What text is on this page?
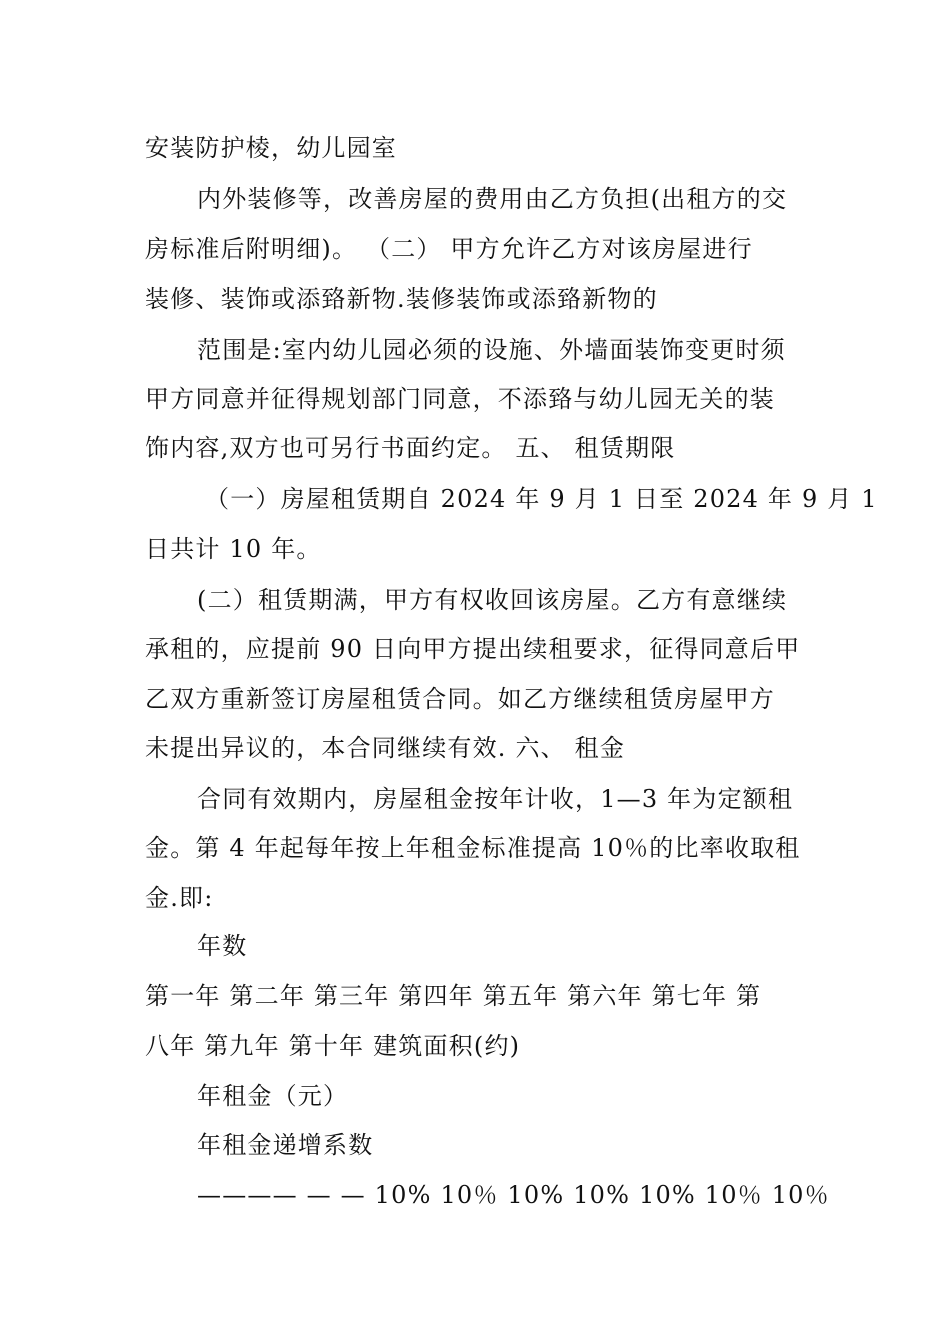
安装防护棱，幼儿园室
内外装修等，改善房屋的费用由乙方负担(出租方的交
房标准后附明细)。 （二） 甲方允许乙方对该房屋进行
装修、装饰或添臵新物.装修装饰或添臵新物的
范围是:室内幼儿园必须的设施、外墙面装饰变更时须
甲方同意并征得规划部门同意，不添臵与幼儿园无关的装
饰内容,双方也可另行书面约定。 五、 租赁期限
（一）房屋租赁期自 2024 年 9 月 1 日至 2024 年 9 月 1
日共计 10 年。
(二）租赁期满，甲方有权收回该房屋。乙方有意继续
承租的，应提前 90 日向甲方提出续租要求，征得同意后甲
乙双方重新签订房屋租赁合同。如乙方继续租赁房屋甲方
未提出异议的，本合同继续有效. 六、 租金
合同有效期内，房屋租金按年计收，1—3 年为定额租
金。第 4 年起每年按上年租金标准提高 10％的比率收取租
金.即:
年数
第一年 第二年 第三年 第四年 第五年 第六年 第七年 第
八年 第九年 第十年 建筑面积(约)
年租金（元）
年租金递增系数
———— — — 10% 10％ 10% 10% 10% 10％ 10％
